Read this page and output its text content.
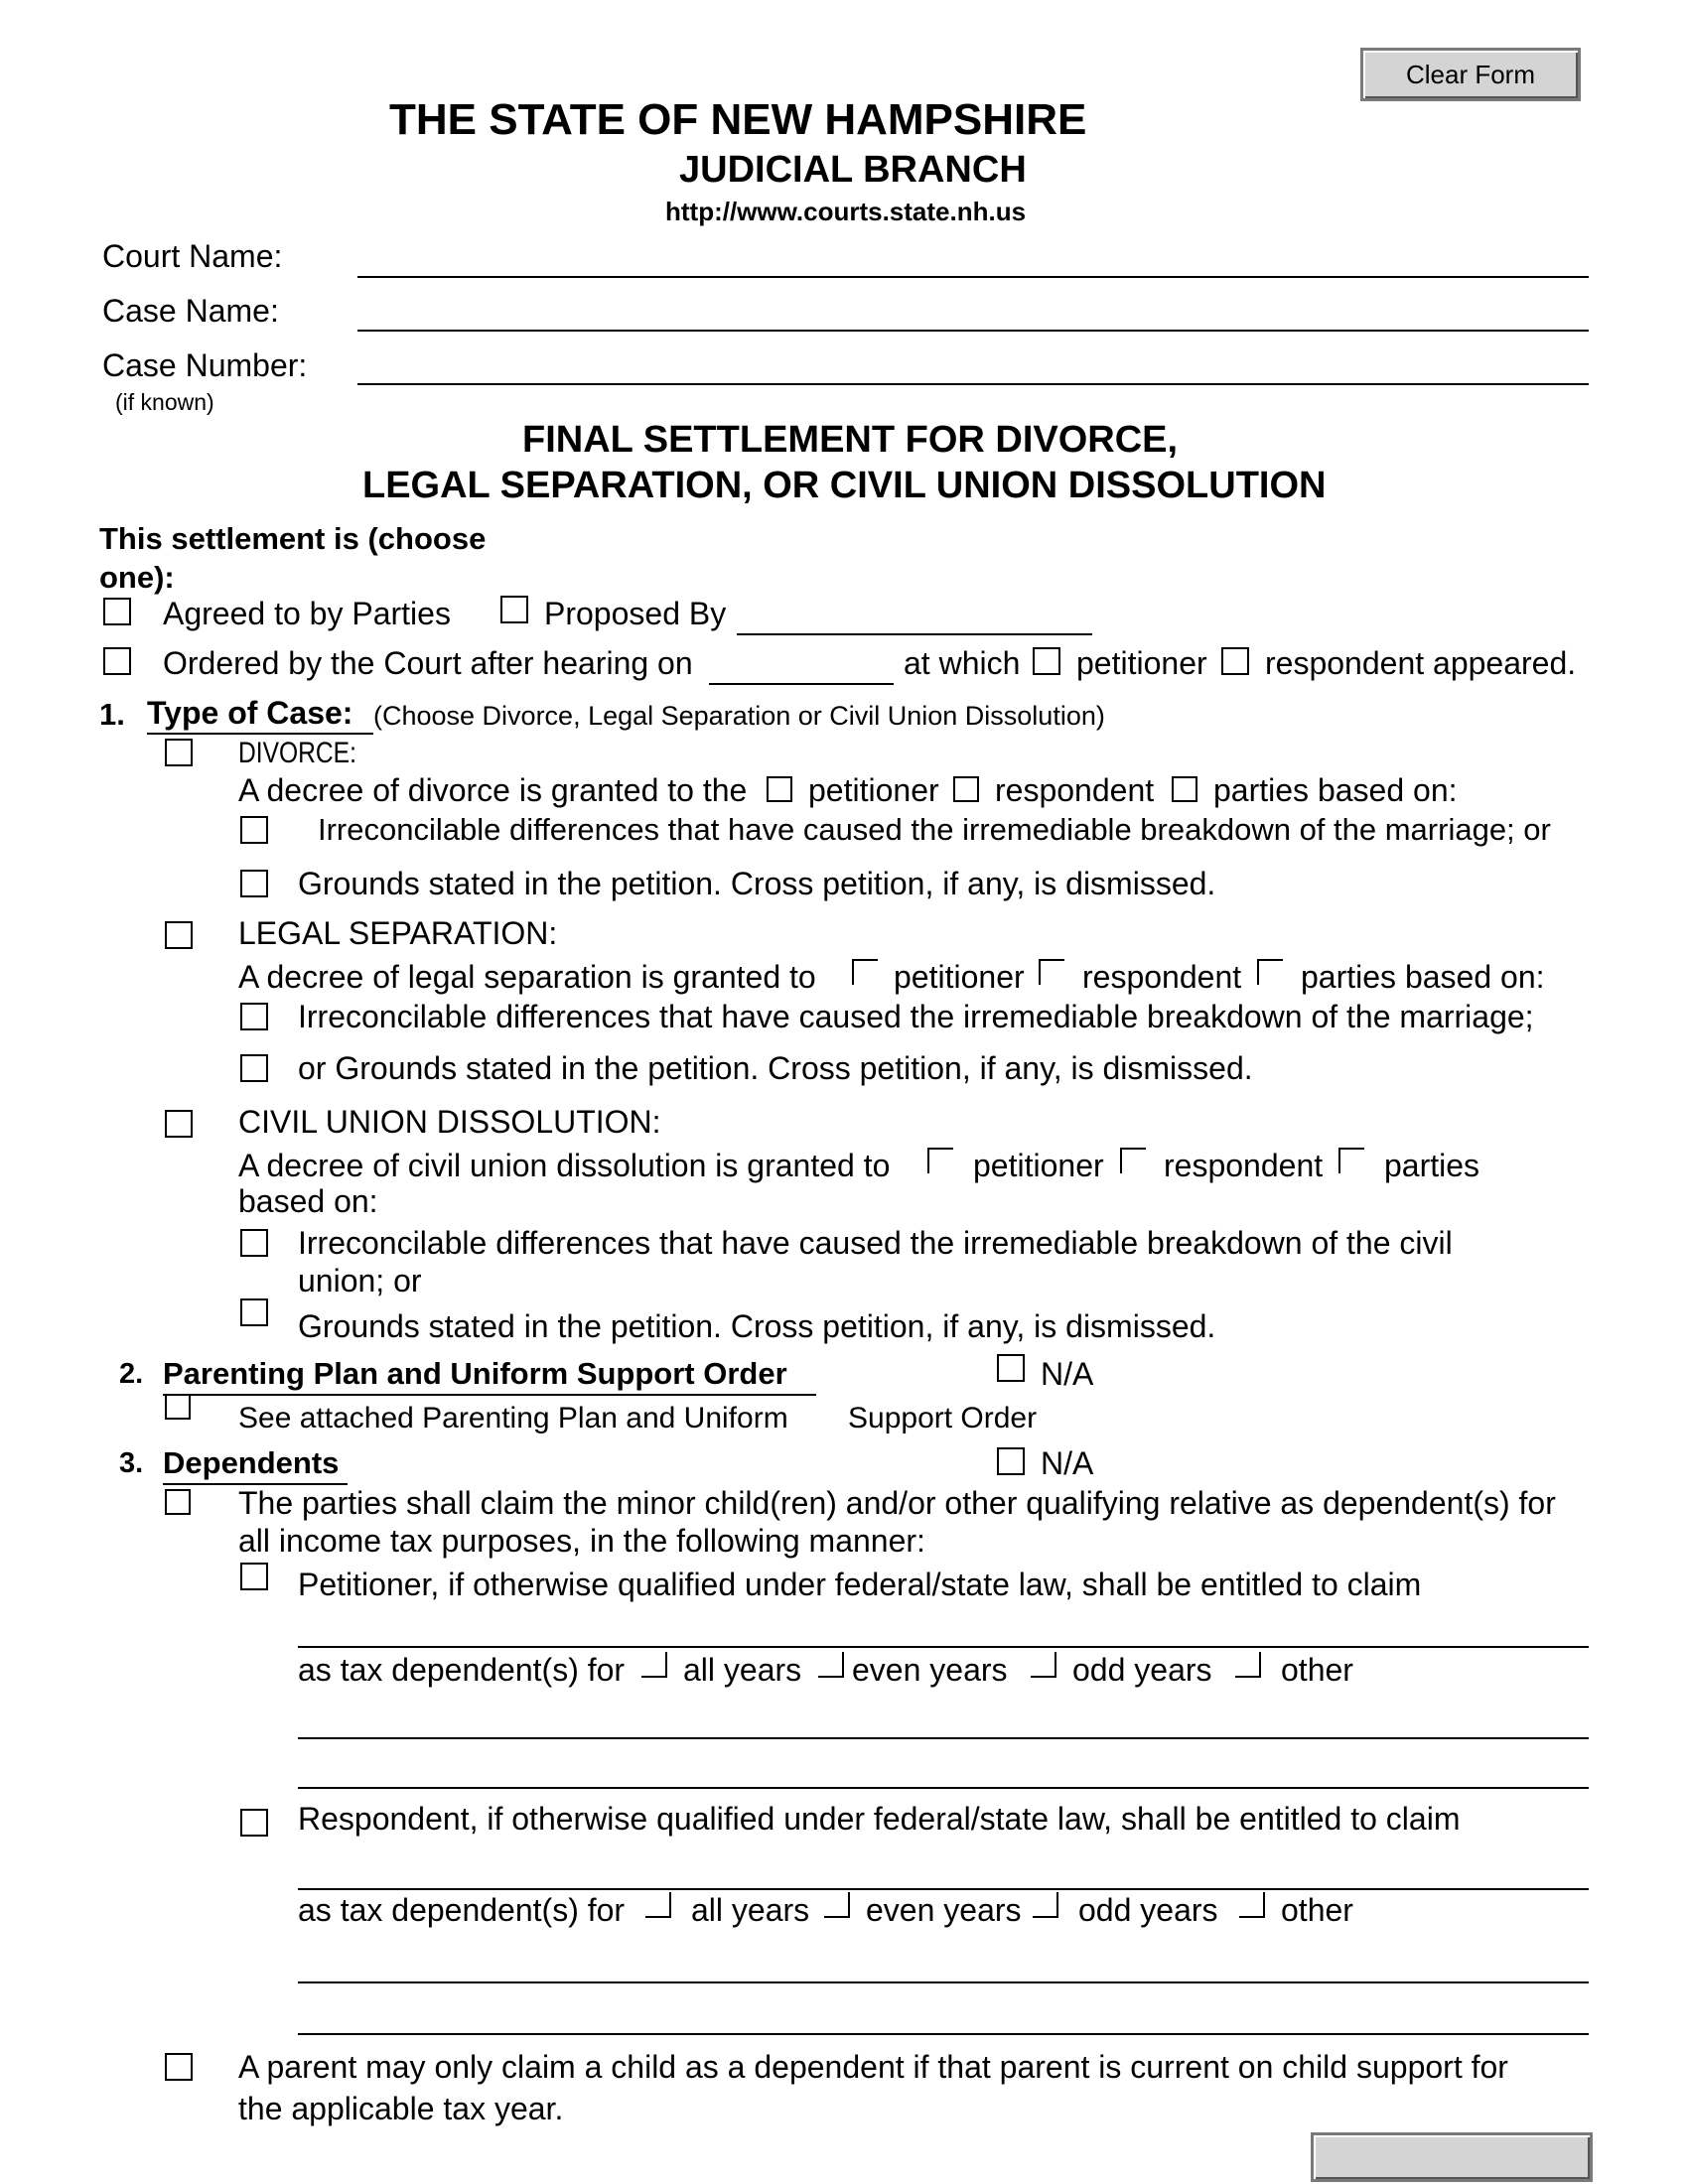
Clear Form
THE STATE OF NEW HAMPSHIRE
JUDICIAL BRANCH
http://www.courts.state.nh.us
Court Name:
Case Name:
Case Number:
(if known)
FINAL SETTLEMENT FOR DIVORCE,
LEGAL SEPARATION, OR CIVIL UNION DISSOLUTION
This settlement is (choose
one):
Agreed to by Parties	Proposed By
Ordered by the Court after hearing on	at which petitioner respondent appeared.
1. Type of Case: (Choose Divorce, Legal Separation or Civil Union Dissolution)
DIVORCE:
A decree of divorce is granted to the petitioner respondent parties based on:
Irreconcilable differences that have caused the irremediable breakdown of the marriage; or
Grounds stated in the petition. Cross petition, if any, is dismissed.
LEGAL SEPARATION:
A decree of legal separation is granted to petitioner respondent parties based on:
Irreconcilable differences that have caused the irremediable breakdown of the marriage;
or Grounds stated in the petition. Cross petition, if any, is dismissed.
CIVIL UNION DISSOLUTION:
A decree of civil union dissolution is granted to	petitioner respondent parties
based on:
Irreconcilable differences that have caused the irremediable breakdown of the civil
union; or
Grounds stated in the petition. Cross petition, if any, is dismissed.
2. Parenting Plan and Uniform Support Order	N/A
See attached Parenting Plan and Uniform Support Order
3. Dependents	N/A
The parties shall claim the minor child(ren) and/or other qualifying relative as dependent(s) for
all income tax purposes, in the following manner:
Petitioner, if otherwise qualified under federal/state law, shall be entitled to claim
as tax dependent(s) for all years even years odd years other
Respondent, if otherwise qualified under federal/state law, shall be entitled to claim
as tax dependent(s) for all years even years odd years other
A parent may only claim a child as a dependent if that parent is current on child support for
the applicable tax year.
